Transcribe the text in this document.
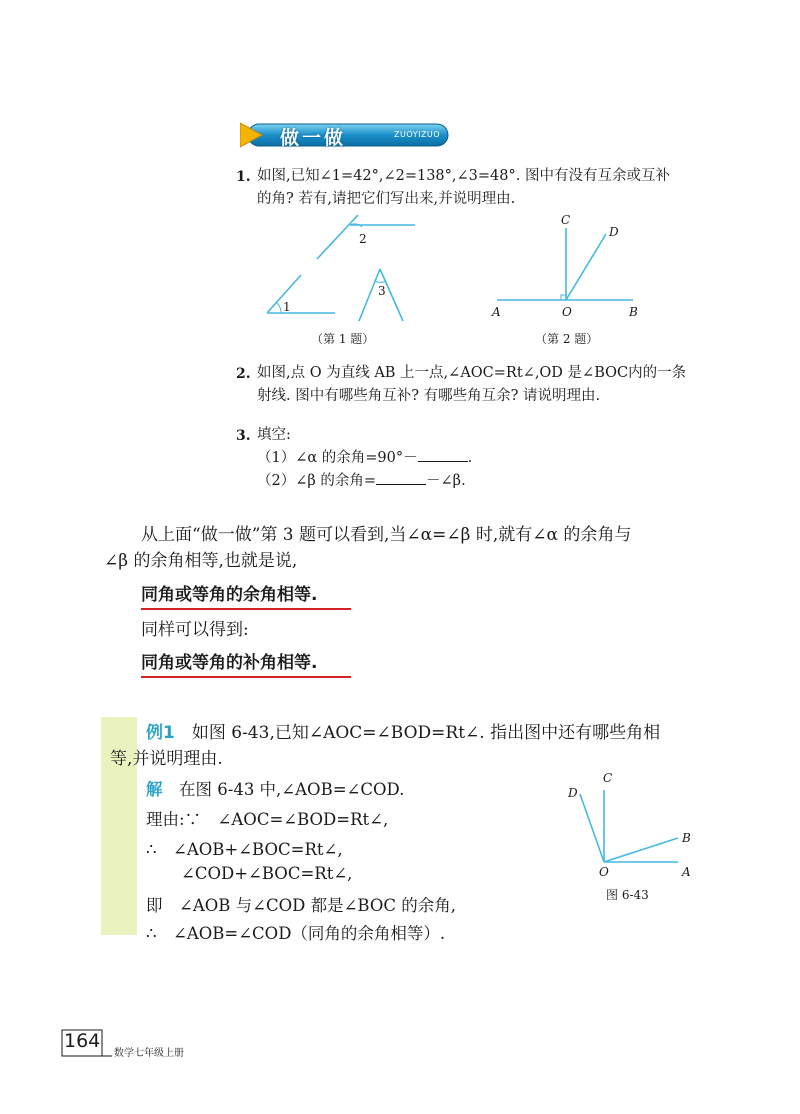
做一做	ZUOYIZUO
1. 如图,已知∠1=42°,∠2=138°,∠3=48°. 图中有没有互余或互补
的角? 若有,请把它们写出来,并说明理由.
1
2
3
（第 1 题）
C
D
A	O	B
（第 2 题）
2. 如图,点 O 为直线 AB 上一点,∠AOC=Rt∠,OD 是∠BOC内的一条
射线. 图中有哪些角互补? 有哪些角互余? 请说明理由.
3. 填空:
（1）∠α 的余角=90°－	.
（2）∠β 的余角=	－∠β.
从上面“做一做”第 3 题可以看到,当∠α=∠β 时,就有∠α 的余角与
∠β 的余角相等,也就是说,
同角或等角的余角相等.
同样可以得到:
同角或等角的补角相等.
例1　 如图 6-43,已知∠AOC=∠BOD=Rt∠. 指出图中还有哪些角相
等,并说明理由.
解　 在图 6-43 中,∠AOB=∠COD.
理由:∵　∠AOC=∠BOD=Rt∠,
∴　∠AOB+∠BOC=Rt∠,
∠COD+∠BOC=Rt∠,
即　∠AOB 与∠COD 都是∠BOC 的余角,
∴　∠AOB=∠COD（同角的余角相等）.
C
D
B
O	A
图 6-43
164
数学七年级上册
